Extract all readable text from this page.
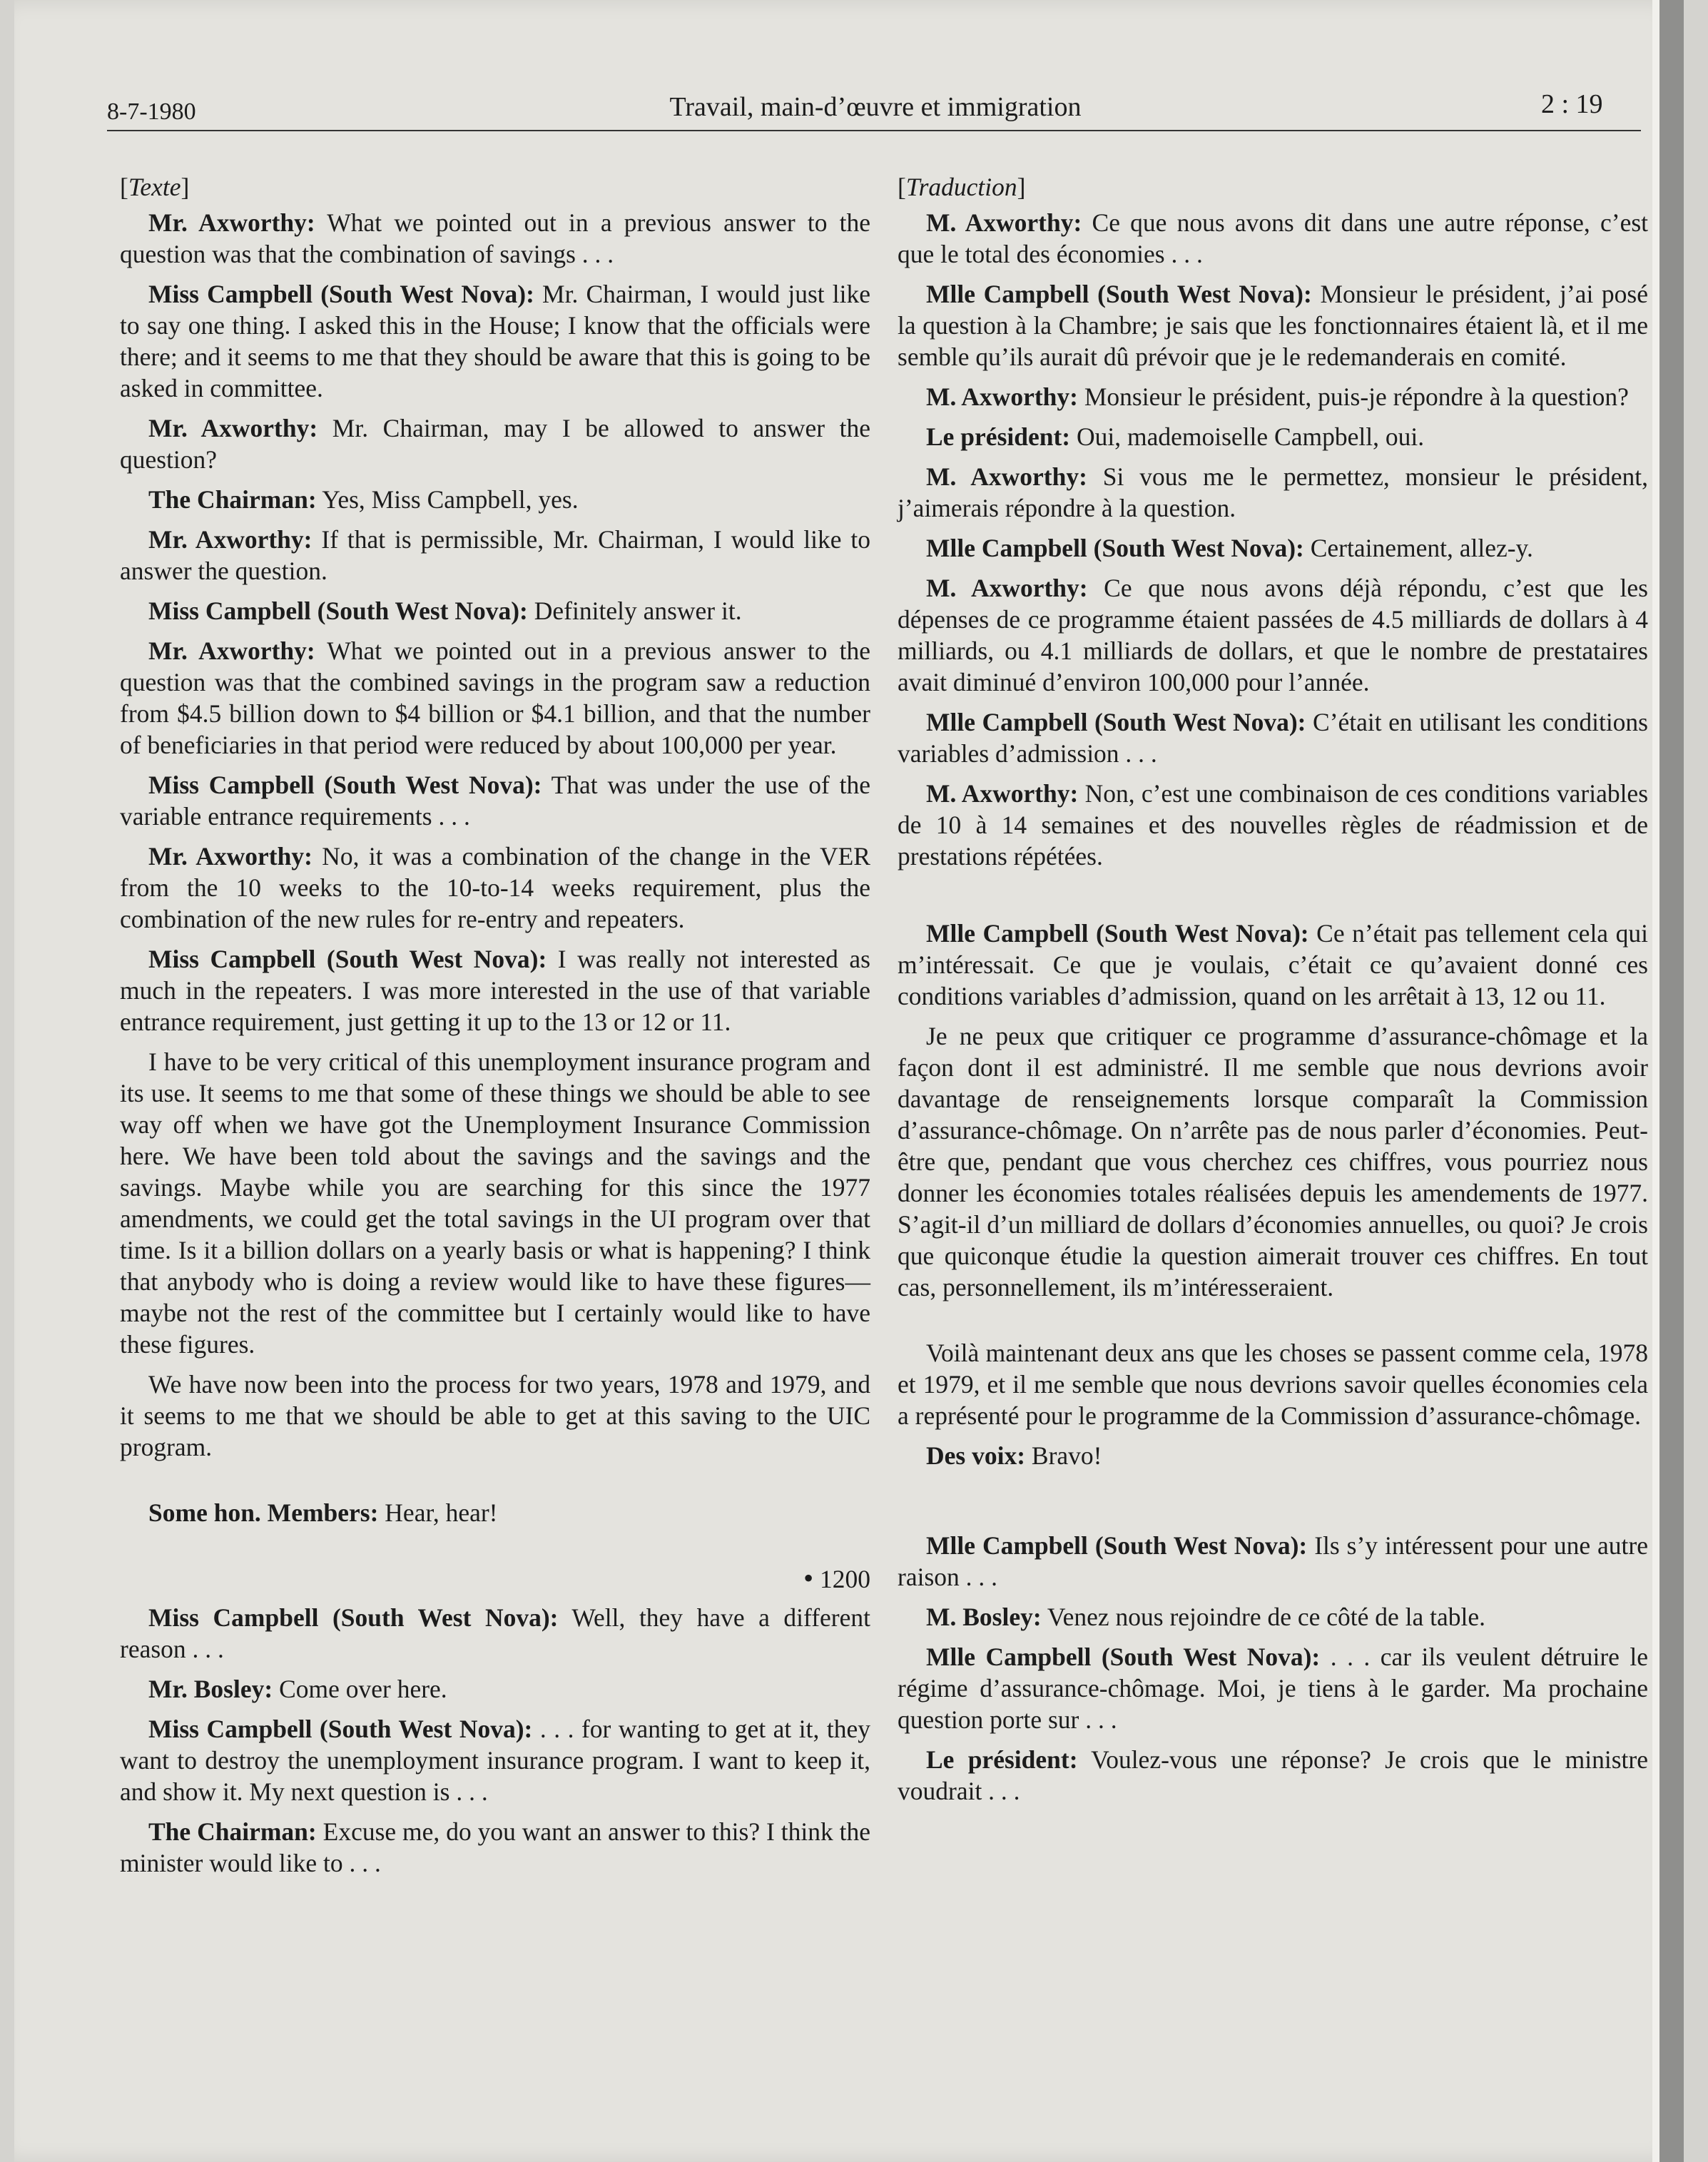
8-7-1980	Travail, main-d’œuvre et immigration	2 : 19
[Texte]

Mr. Axworthy: What we pointed out in a previous answer to the question was that the combination of savings . . .

Miss Campbell (South West Nova): Mr. Chairman, I would just like to say one thing. I asked this in the House; I know that the officials were there; and it seems to me that they should be aware that this is going to be asked in committee.

Mr. Axworthy: Mr. Chairman, may I be allowed to answer the question?

The Chairman: Yes, Miss Campbell, yes.

Mr. Axworthy: If that is permissible, Mr. Chairman, I would like to answer the question.

Miss Campbell (South West Nova): Definitely answer it.

Mr. Axworthy: What we pointed out in a previous answer to the question was that the combined savings in the program saw a reduction from $4.5 billion down to $4 billion or $4.1 billion, and that the number of beneficiaries in that period were reduced by about 100,000 per year.

Miss Campbell (South West Nova): That was under the use of the variable entrance requirements . . .

Mr. Axworthy: No, it was a combination of the change in the VER from the 10 weeks to the 10-to-14 weeks requirement, plus the combination of the new rules for re-entry and repeaters.

Miss Campbell (South West Nova): I was really not interested as much in the repeaters. I was more interested in the use of that variable entrance requirement, just getting it up to the 13 or 12 or 11.

I have to be very critical of this unemployment insurance program and its use. It seems to me that some of these things we should be able to see way off when we have got the Unemployment Insurance Commission here. We have been told about the savings and the savings and the savings. Maybe while you are searching for this since the 1977 amendments, we could get the total savings in the UI program over that time. Is it a billion dollars on a yearly basis or what is happening? I think that anybody who is doing a review would like to have these figures—maybe not the rest of the committee but I certainly would like to have these figures.

We have now been into the process for two years, 1978 and 1979, and it seems to me that we should be able to get at this saving to the UIC program.

Some hon. Members: Hear, hear!

• 1200

Miss Campbell (South West Nova): Well, they have a different reason . . .

Mr. Bosley: Come over here.

Miss Campbell (South West Nova): . . . for wanting to get at it, they want to destroy the unemployment insurance program. I want to keep it, and show it. My next question is . . .

The Chairman: Excuse me, do you want an answer to this? I think the minister would like to . . .

[Traduction]

M. Axworthy: Ce que nous avons dit dans une autre réponse, c’est que le total des économies . . .

Mlle Campbell (South West Nova): Monsieur le président, j’ai posé la question à la Chambre; je sais que les fonctionnaires étaient là, et il me semble qu’ils aurait dû prévoir que je le redemanderais en comité.

M. Axworthy: Monsieur le président, puis-je répondre à la question?

Le président: Oui, mademoiselle Campbell, oui.

M. Axworthy: Si vous me le permettez, monsieur le président, j’aimerais répondre à la question.

Mlle Campbell (South West Nova): Certainement, allez-y.

M. Axworthy: Ce que nous avons déjà répondu, c’est que les dépenses de ce programme étaient passées de 4.5 milliards de dollars à 4 milliards, ou 4.1 milliards de dollars, et que le nombre de prestataires avait diminué d’environ 100,000 pour l’année.

Mlle Campbell (South West Nova): C’était en utilisant les conditions variables d’admission . . .

M. Axworthy: Non, c’est une combinaison de ces conditions variables de 10 à 14 semaines et des nouvelles règles de réadmission et de prestations répétées.

Mlle Campbell (South West Nova): Ce n’était pas tellement cela qui m’intéressait. Ce que je voulais, c’était ce qu’avaient donné ces conditions variables d’admission, quand on les arrêtait à 13, 12 ou 11.

Je ne peux que critiquer ce programme d’assurance-chômage et la façon dont il est administré. Il me semble que nous devrions avoir davantage de renseignements lorsque comparaît la Commission d’assurance-chômage. On n’arrête pas de nous parler d’économies. Peut-être que, pendant que vous cherchez ces chiffres, vous pourriez nous donner les économies totales réalisées depuis les amendements de 1977. S’agit-il d’un milliard de dollars d’économies annuelles, ou quoi? Je crois que quiconque étudie la question aimerait trouver ces chiffres. En tout cas, personnellement, ils m’intéresseraient.

Voilà maintenant deux ans que les choses se passent comme cela, 1978 et 1979, et il me semble que nous devrions savoir quelles économies cela a représenté pour le programme de la Commission d’assurance-chômage.

Des voix: Bravo!

Mlle Campbell (South West Nova): Ils s’y intéressent pour une autre raison . . .

M. Bosley: Venez nous rejoindre de ce côté de la table.

Mlle Campbell (South West Nova): . . . car ils veulent détruire le régime d’assurance-chômage. Moi, je tiens à le garder. Ma prochaine question porte sur . . .

Le président: Voulez-vous une réponse? Je crois que le ministre voudrait . . .
